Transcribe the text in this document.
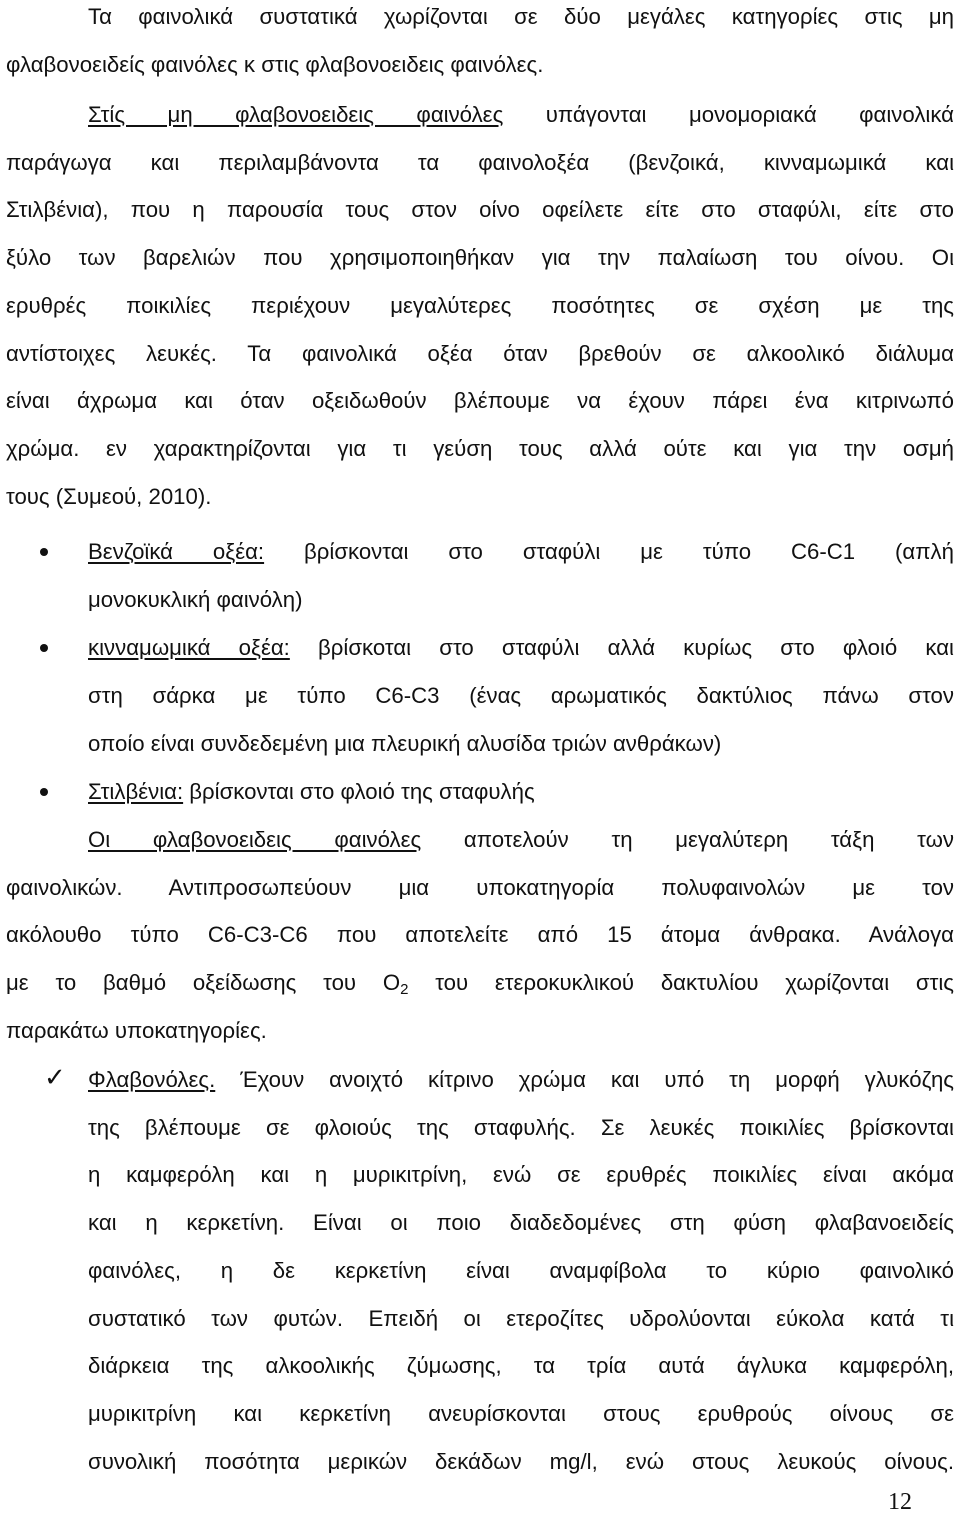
Τα φαινολικά συστατικά χωρίζονται σε δύο μεγάλες κατηγορίες στις μη
φλαβονοειδείς φαινόλες κ στις φλαβονοειδεις φαινόλες.
Στίς μη φλαβονοειδεις φαινόλες υπάγονται μονομοριακά φαινολικά
παράγωγα και περιλαμβάνοντα τα φαινολοξέα (βενζοικά, κινναμωμικά και
Στιλβένια), που η παρουσία τους στον οίνο οφείλετε είτε στο σταφύλι, είτε στο
ξύλο των βαρελιών που χρησιμοποιηθήκαν για την παλαίωση του οίνου. Οι
ερυθρές ποικιλίες περιέχουν μεγαλύτερες ποσότητες σε σχέση με της
αντίστοιχες λευκές. Τα φαινολικά οξέα όταν βρεθούν σε αλκοολικό διάλυμα
είναι άχρωμα και όταν οξειδωθούν βλέπουμε να έχουν πάρει ένα κιτρινωπό
χρώμα. εν χαρακτηρίζονται για τι γεύση τους αλλά ούτε και για την οσμή
τους (Συμεού, 2010).
Βενζοϊκά οξέα: βρίσκονται στο σταφύλι με τύπο C6-C1 (απλή
μονοκυκλική φαινόλη)
κινναμωμικά οξέα: βρίσκοται στο σταφύλι αλλά κυρίως στο φλοιό και
στη σάρκα με τύπο C6-C3 (ένας αρωματικός δακτύλιος πάνω στον
οποίο είναι συνδεδεμένη μια πλευρική αλυσίδα τριών ανθράκων)
Στιλβένια: βρίσκονται στο φλοιό της σταφυλής
Οι φλαβονοειδεις φαινόλες αποτελούν τη μεγαλύτερη τάξη των
φαινολικών. Αντιπροσωπεύουν μια υποκατηγορία πολυφαινολών με τον
ακόλουθο τύπο C6-C3-C6 που αποτελείτε από 15 άτομα άνθρακα. Ανάλογα
με το βαθμό οξείδωσης του $O_2$ του ετεροκυκλικού δακτυλίου χωρίζονται στις
παρακάτω υποκατηγορίες.
✓ Φλαβονόλες. Έχουν ανοιχτό κίτρινο χρώμα και υπό τη μορφή γλυκόζης
της βλέπουμε σε φλοιούς της σταφυλής. Σε λευκές ποικιλίες βρίσκονται
η καμφερόλη και η μυρικιτρίνη, ενώ σε ερυθρές ποικιλίες είναι ακόμα
και η κερκετίνη. Είναι οι ποιο διαδεδομένες στη φύση φλαβανοειδείς
φαινόλες, η δε κερκετίνη είναι αναμφίβολα το κύριο φαινολικό
συστατικό των φυτών. Επειδή οι ετεροζίτες υδρολύονται εύκολα κατά τι
διάρκεια της αλκοολικής ζύμωσης, τα τρία αυτά άγλυκα καμφερόλη,
μυρικιτρίνη και κερκετίνη ανευρίσκονται στους ερυθρούς οίνους σε
συνολική ποσότητα μερικών δεκάδων mg/l, ενώ στους λευκούς οίνους.
12
